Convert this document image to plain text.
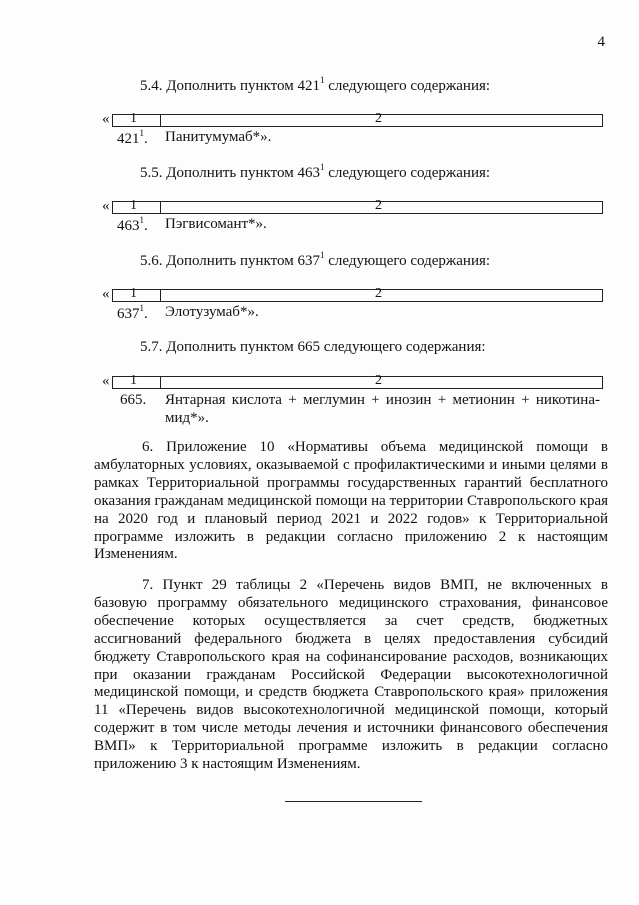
4
5.4. Дополнить пунктом $421^1$ следующего содержания:
« 1	2
$421^1$. Панитумумаб*».
5.5. Дополнить пунктом $463^1$ следующего содержания:
« 1	2
$463^1$. Пэгвисомант*».
5.6. Дополнить пунктом $637^1$ следующего содержания:
« 1	2
$637^1$. Элотузумаб*».
5.7. Дополнить пунктом 665 следующего содержания:
« 1	2
665. Янтарная кислота + меглумин + инозин + метионин + никотина-
мид*».

6. Приложение 10 «Нормативы объема медицинской помощи в амбулаторных условиях, оказываемой с профилактическими и иными целями в рамках Территориальной программы государственных гарантий бесплатного оказания гражданам медицинской помощи на территории Ставропольского края на 2020 год и плановый период 2021 и 2022 годов» к Территориальной программе изложить в редакции согласно приложению 2 к настоящим Изменениям.

7. Пункт 29 таблицы 2 «Перечень видов ВМП, не включенных в базовую программу обязательного медицинского страхования, финансовое обеспечение которых осуществляется за счет средств, бюджетных ассигнований федерального бюджета в целях предоставления субсидий бюджету Ставропольского края на софинансирование расходов, возникающих при оказании гражданам Российской Федерации высокотехнологичной медицинской помощи, и средств бюджета Ставропольского края» приложения 11 «Перечень видов высокотехнологичной медицинской помощи, который содержит в том числе методы лечения и источники финансового обеспечения ВМП» к Территориальной программе изложить в редакции согласно приложению 3 к настоящим Изменениям.
